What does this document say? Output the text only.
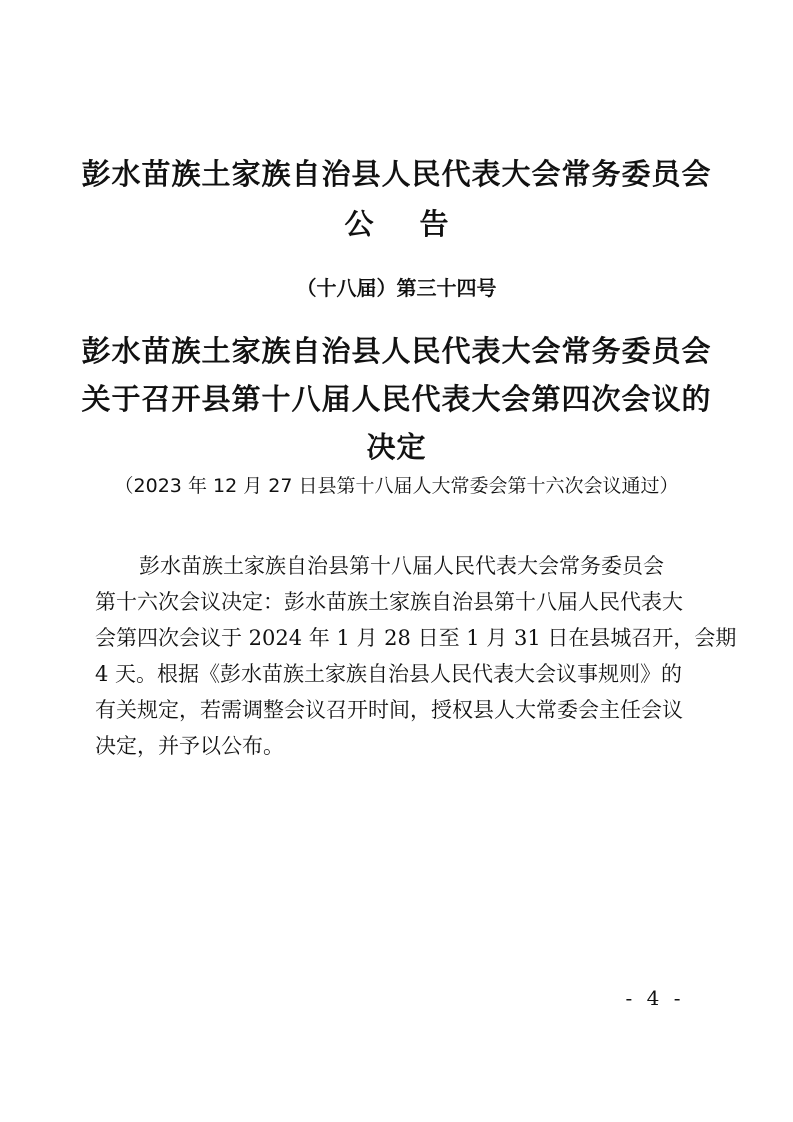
彭水苗族土家族自治县人民代表大会常务委员会
公告
（十八届）第三十四号
彭水苗族土家族自治县人民代表大会常务委员会
关于召开县第十八届人民代表大会第四次会议的
决定
（2023 年 12 月 27 日县第十八届人大常委会第十六次会议通过）
彭水苗族土家族自治县第十八届人民代表大会常务委员会
第十六次会议决定：彭水苗族土家族自治县第十八届人民代表大
会第四次会议于 2024 年 1 月 28 日至 1 月 31 日在县城召开，会期
4 天。根据《彭水苗族土家族自治县人民代表大会议事规则》的
有关规定，若需调整会议召开时间，授权县人大常委会主任会议
决定，并予以公布。
- 4 -
